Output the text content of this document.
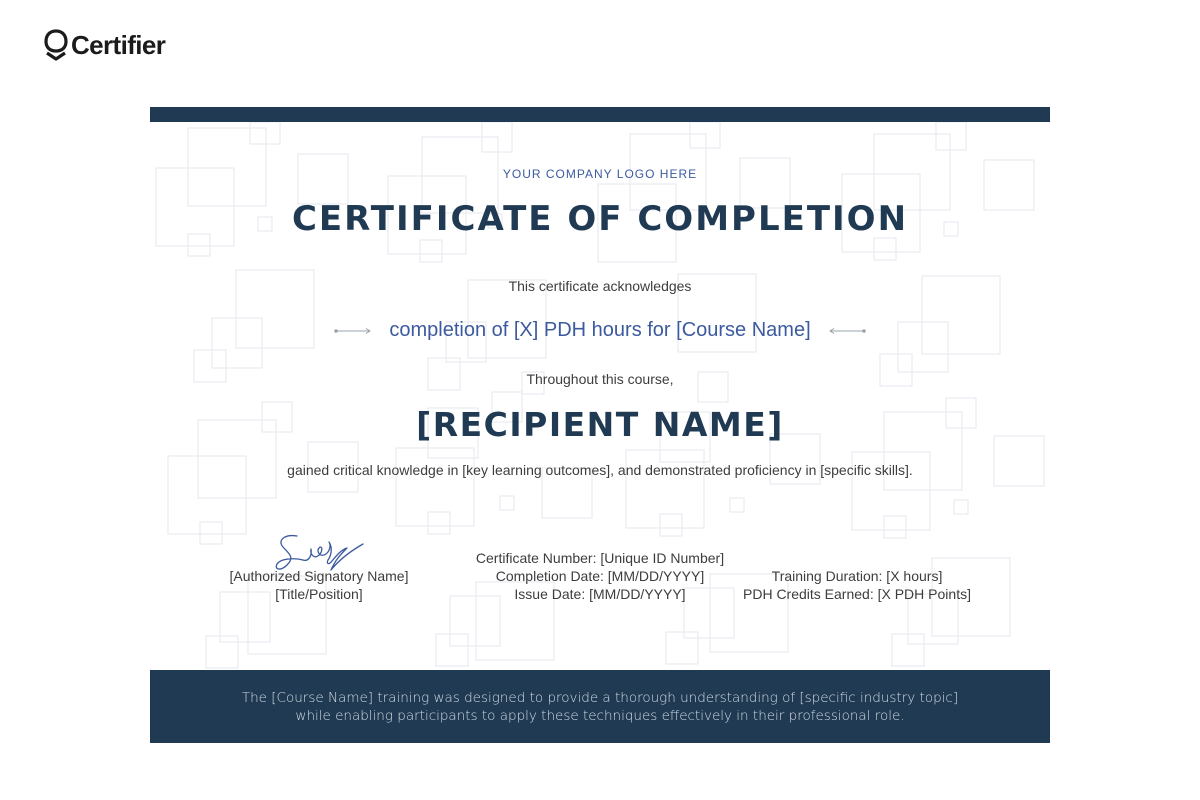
Certifier
YOUR COMPANY LOGO HERE
CERTIFICATE OF COMPLETION
This certificate acknowledges
completion of [X] PDH hours for [Course Name]
Throughout this course,
[RECIPIENT NAME]
gained critical knowledge in [key learning outcomes], and demonstrated proficiency in [specific skills].
[Authorized Signatory Name]
[Title/Position]
Certificate Number: [Unique ID Number]
Completion Date: [MM/DD/YYYY]
Issue Date: [MM/DD/YYYY]
Training Duration: [X hours]
PDH Credits Earned: [X PDH Points]
The [Course Name] training was designed to provide a thorough understanding of [specific industry topic]
while enabling participants to apply these techniques effectively in their professional role.
